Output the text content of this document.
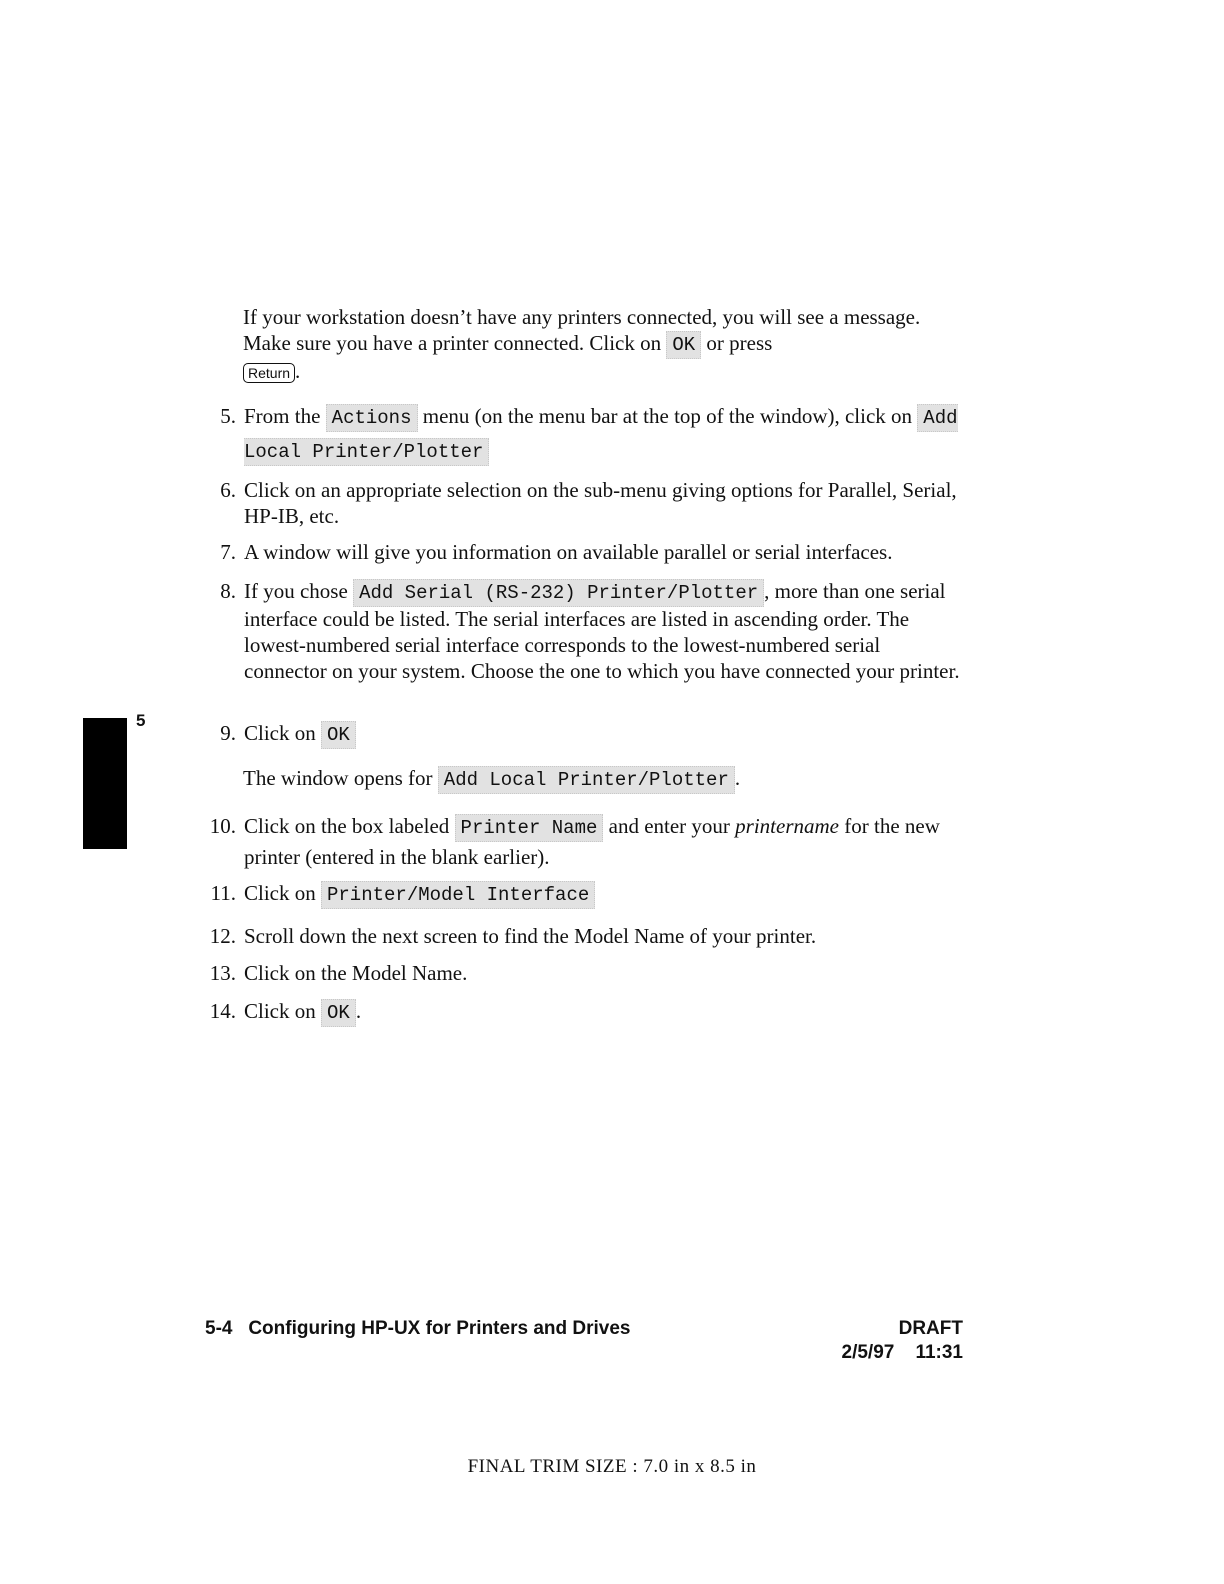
If your workstation doesn’t have any printers connected, you will see a message. Make sure you have a printer connected. Click on OK or press
Return .
5. From the Actions menu (on the menu bar at the top of the window), click on Add Local Printer/Plotter
6. Click on an appropriate selection on the sub-menu giving options for Parallel, Serial, HP-IB, etc.
7. A window will give you information on available parallel or serial interfaces.
8. If you chose Add Serial (RS-232) Printer/Plotter , more than one serial interface could be listed. The serial interfaces are listed in ascending order. The lowest-numbered serial interface corresponds to the lowest-numbered serial connector on your system. Choose the one to which you have connected your printer.
9. Click on OK
The window opens for Add Local Printer/Plotter .
10. Click on the box labeled Printer Name and enter your printername for the new printer (entered in the blank earlier).
11. Click on Printer/Model Interface
12. Scroll down the next screen to find the Model Name of your printer.
13. Click on the Model Name.
14. Click on OK .
5
5-4 Configuring HP-UX for Printers and Drives	DRAFT
2/5/97 11:31
FINAL TRIM SIZE : 7.0 in x 8.5 in
